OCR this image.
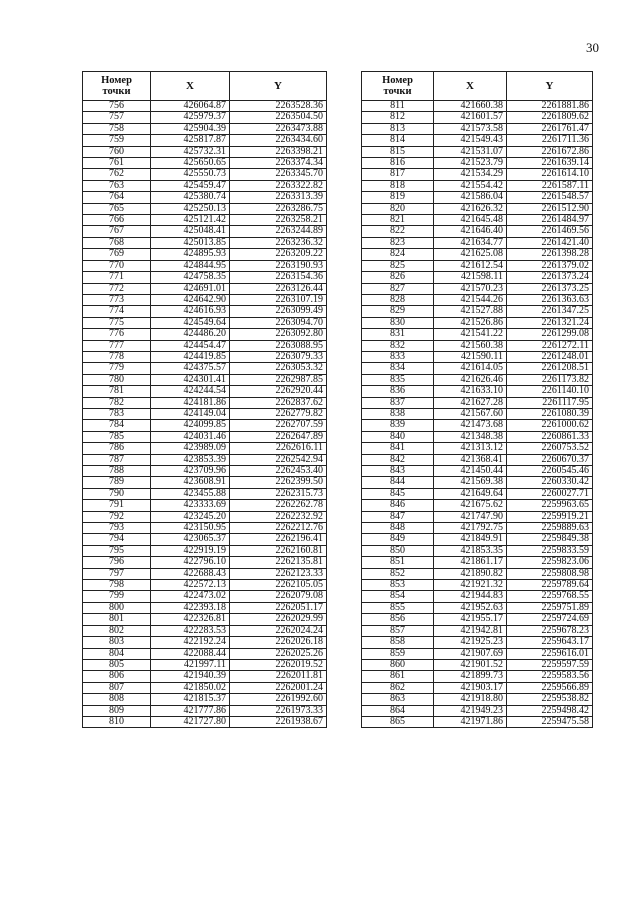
30
Номер
точки	X	Y
756	426064.87	2263528.36
757	425979.37	2263504.50
758	425904.39	2263473.88
759	425817.87	2263434.60
760	425732.31	2263398.21
761	425650.65	2263374.34
762	425550.73	2263345.70
763	425459.47	2263322.82
764	425380.74	2263313.39
765	425250.13	2263286.75
766	425121.42	2263258.21
767	425048.41	2263244.89
768	425013.85	2263236.32
769	424895.93	2263209.22
770	424844.95	2263190.93
771	424758.35	2263154.36
772	424691.01	2263126.44
773	424642.90	2263107.19
774	424616.93	2263099.49
775	424549.64	2263094.70
776	424486.20	2263092.80
777	424454.47	2263088.95
778	424419.85	2263079.33
779	424375.57	2263053.32
780	424301.41	2262987.85
781	424244.54	2262920.44
782	424181.86	2262837.62
783	424149.04	2262779.82
784	424099.85	2262707.59
785	424031.46	2262647.89
786	423989.09	2262616.11
787	423853.39	2262542.94
788	423709.96	2262453.40
789	423608.91	2262399.50
790	423455.88	2262315.73
791	423333.69	2262262.78
792	423245.20	2262232.92
793	423150.95	2262212.76
794	423065.37	2262196.41
795	422919.19	2262160.81
796	422796.10	2262135.81
797	422688.43	2262123.33
798	422572.13	2262105.05
799	422473.02	2262079.08
800	422393.18	2262051.17
801	422326.81	2262029.99
802	422283.53	2262024.24
803	422192.24	2262026.18
804	422088.44	2262025.26
805	421997.11	2262019.52
806	421940.39	2262011.81
807	421850.02	2262001.24
808	421815.37	2261992.60
809	421777.86	2261973.33
810	421727.80	2261938.67
Номер
точки	X	Y
811	421660.38	2261881.86
812	421601.57	2261809.62
813	421573.58	2261761.47
814	421549.43	2261711.36
815	421531.07	2261672.86
816	421523.79	2261639.14
817	421534.29	2261614.10
818	421554.42	2261587.11
819	421586.04	2261548.57
820	421626.32	2261512.90
821	421645.48	2261484.97
822	421646.40	2261469.56
823	421634.77	2261421.40
824	421625.08	2261398.28
825	421612.54	2261379.02
826	421598.11	2261373.24
827	421570.23	2261373.25
828	421544.26	2261363.63
829	421527.88	2261347.25
830	421526.86	2261321.24
831	421541.22	2261299.08
832	421560.38	2261272.11
833	421590.11	2261248.01
834	421614.05	2261208.51
835	421626.46	2261173.82
836	421633.10	2261140.10
837	421627.28	2261117.95
838	421567.60	2261080.39
839	421473.68	2261000.62
840	421348.38	2260861.33
841	421313.12	2260753.52
842	421368.41	2260670.37
843	421450.44	2260545.46
844	421569.38	2260330.42
845	421649.64	2260027.71
846	421675.62	2259963.65
847	421747.90	2259919.21
848	421792.75	2259889.63
849	421849.91	2259849.38
850	421853.35	2259833.59
851	421861.17	2259823.06
852	421890.82	2259808.98
853	421921.32	2259789.64
854	421944.83	2259768.55
855	421952.63	2259751.89
856	421955.17	2259724.69
857	421942.81	2259678.23
858	421925.23	2259643.17
859	421907.69	2259616.01
860	421901.52	2259597.59
861	421899.73	2259583.56
862	421903.17	2259566.89
863	421918.80	2259538.82
864	421949.23	2259498.42
865	421971.86	2259475.58
